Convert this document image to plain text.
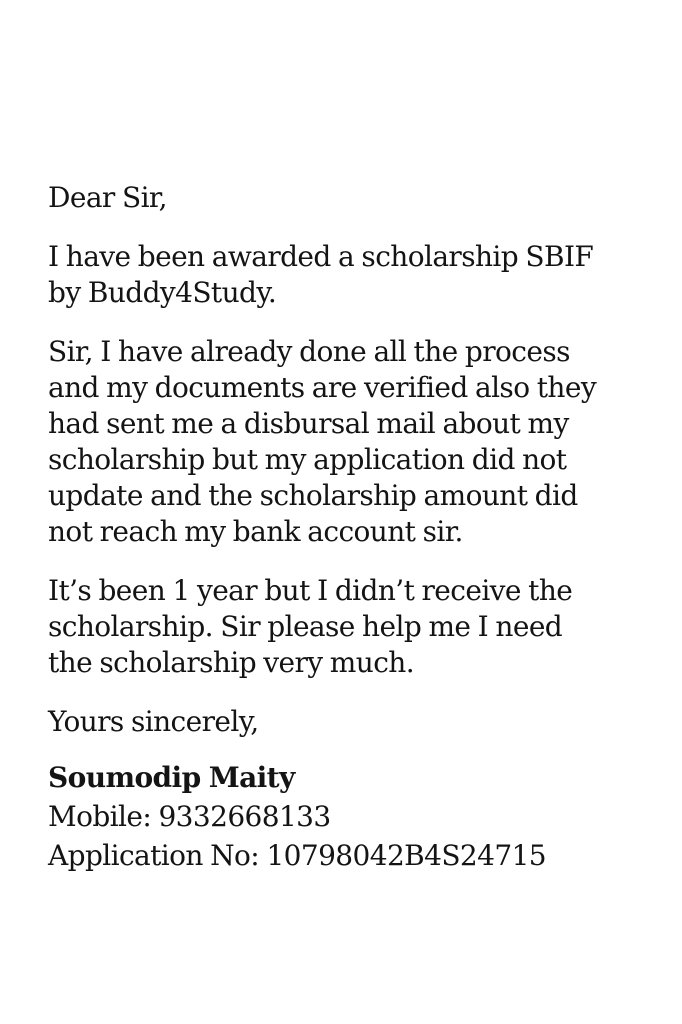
Dear Sir,
I have been awarded a scholarship SBIF
by Buddy4Study.
Sir, I have already done all the process
and my documents are verified also they
had sent me a disbursal mail about my
scholarship but my application did not
update and the scholarship amount did
not reach my bank account sir.
It’s been 1 year but I didn’t receive the
scholarship. Sir please help me I need
the scholarship very much.
Yours sincerely,
Soumodip Maity
Mobile: 9332668133
Application No: 10798042B4S24715
